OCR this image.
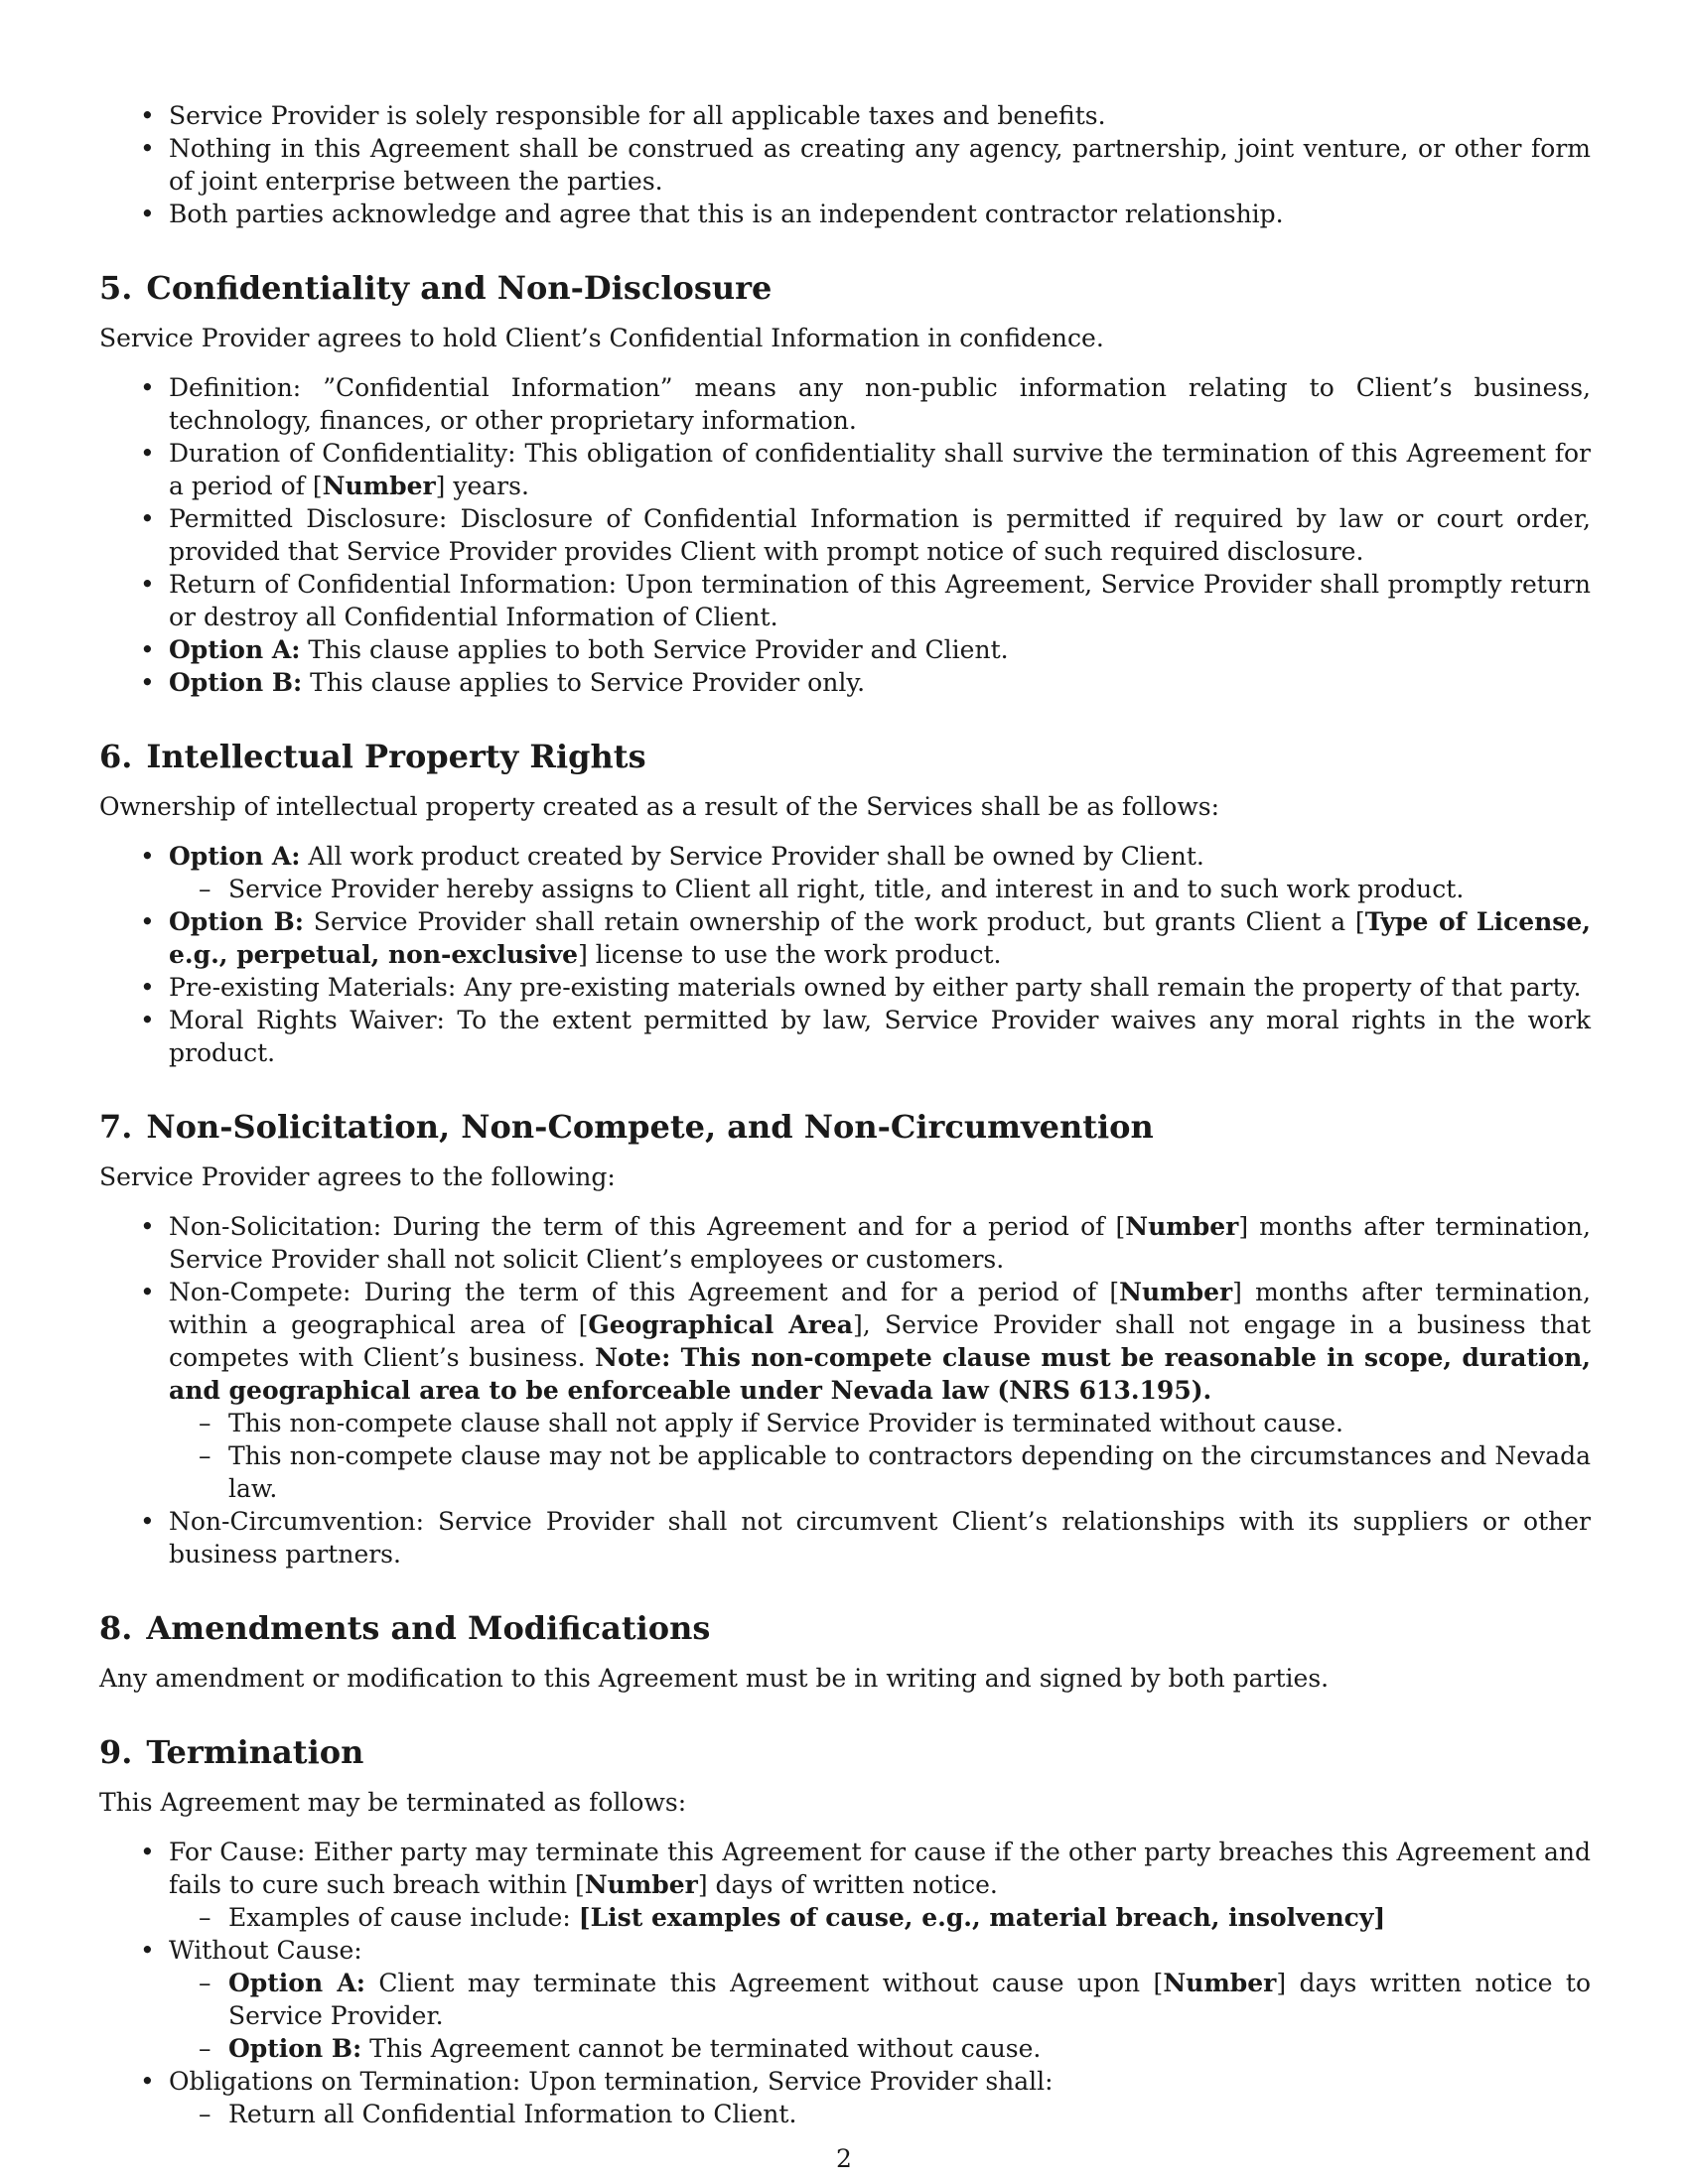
• Service Provider is solely responsible for all applicable taxes and benefits.
• Nothing in this Agreement shall be construed as creating any agency, partnership, joint venture, or other form of joint enterprise between the parties.
• Both parties acknowledge and agree that this is an independent contractor relationship.
5. Confidentiality and Non-Disclosure

Service Provider agrees to hold Client’s Confidential Information in confidence.

• Definition: ”Confidential Information” means any non-public information relating to Client’s business, technology, finances, or other proprietary information.
• Duration of Confidentiality: This obligation of confidentiality shall survive the termination of this Agreement for a period of [Number] years.
• Permitted Disclosure: Disclosure of Confidential Information is permitted if required by law or court order, provided that Service Provider provides Client with prompt notice of such required disclosure.
• Return of Confidential Information: Upon termination of this Agreement, Service Provider shall promptly return or destroy all Confidential Information of Client.
• Option A: This clause applies to both Service Provider and Client.
• Option B: This clause applies to Service Provider only.
6. Intellectual Property Rights

Ownership of intellectual property created as a result of the Services shall be as follows:

• Option A: All work product created by Service Provider shall be owned by Client.
– Service Provider hereby assigns to Client all right, title, and interest in and to such work product.
• Option B: Service Provider shall retain ownership of the work product, but grants Client a [Type of License, e.g., perpetual, non-exclusive] license to use the work product.
• Pre-existing Materials: Any pre-existing materials owned by either party shall remain the property of that party.
• Moral Rights Waiver: To the extent permitted by law, Service Provider waives any moral rights in the work product.
7. Non-Solicitation, Non-Compete, and Non-Circumvention

Service Provider agrees to the following:

• Non-Solicitation: During the term of this Agreement and for a period of [Number] months after termination, Service Provider shall not solicit Client’s employees or customers.
• Non-Compete: During the term of this Agreement and for a period of [Number] months after termination, within a geographical area of [Geographical Area], Service Provider shall not engage in a business that competes with Client’s business. Note: This non-compete clause must be reasonable in scope, duration, and geographical area to be enforceable under Nevada law (NRS 613.195).
– This non-compete clause shall not apply if Service Provider is terminated without cause.
– This non-compete clause may not be applicable to contractors depending on the circumstances and Nevada law.
• Non-Circumvention: Service Provider shall not circumvent Client’s relationships with its suppliers or other business partners.
8. Amendments and Modifications

Any amendment or modification to this Agreement must be in writing and signed by both parties.

9. Termination

This Agreement may be terminated as follows:

• For Cause: Either party may terminate this Agreement for cause if the other party breaches this Agreement and fails to cure such breach within [Number] days of written notice.
– Examples of cause include: [List examples of cause, e.g., material breach, insolvency]
• Without Cause:
– Option A: Client may terminate this Agreement without cause upon [Number] days written notice to Service Provider.
– Option B: This Agreement cannot be terminated without cause.
• Obligations on Termination: Upon termination, Service Provider shall:
– Return all Confidential Information to Client.
2
